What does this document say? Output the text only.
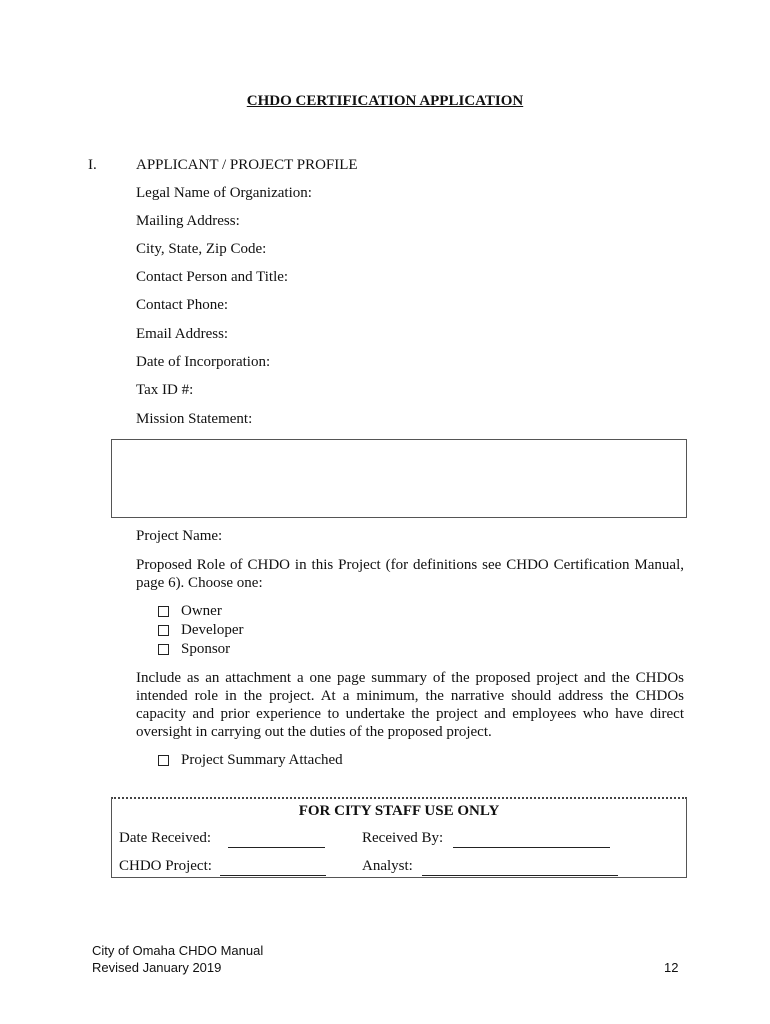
CHDO CERTIFICATION APPLICATION
I.	APPLICANT / PROJECT PROFILE
Legal Name of Organization:
Mailing Address:
City, State, Zip Code:
Contact Person and Title:
Contact Phone:
Email Address:
Date of Incorporation:
Tax ID #:
Mission Statement:
Project Name:
Proposed Role of CHDO in this Project (for definitions see CHDO Certification Manual, page 6). Choose one:
Owner
Developer
Sponsor
Include as an attachment a one page summary of the proposed project and the CHDOs intended role in the project. At a minimum, the narrative should address the CHDOs capacity and prior experience to undertake the project and employees who have direct oversight in carrying out the duties of the proposed project.
Project Summary Attached
FOR CITY STAFF USE ONLY
Date Received:	Received By:
CHDO Project:	Analyst:
City of Omaha CHDO Manual
Revised January 2019	12
